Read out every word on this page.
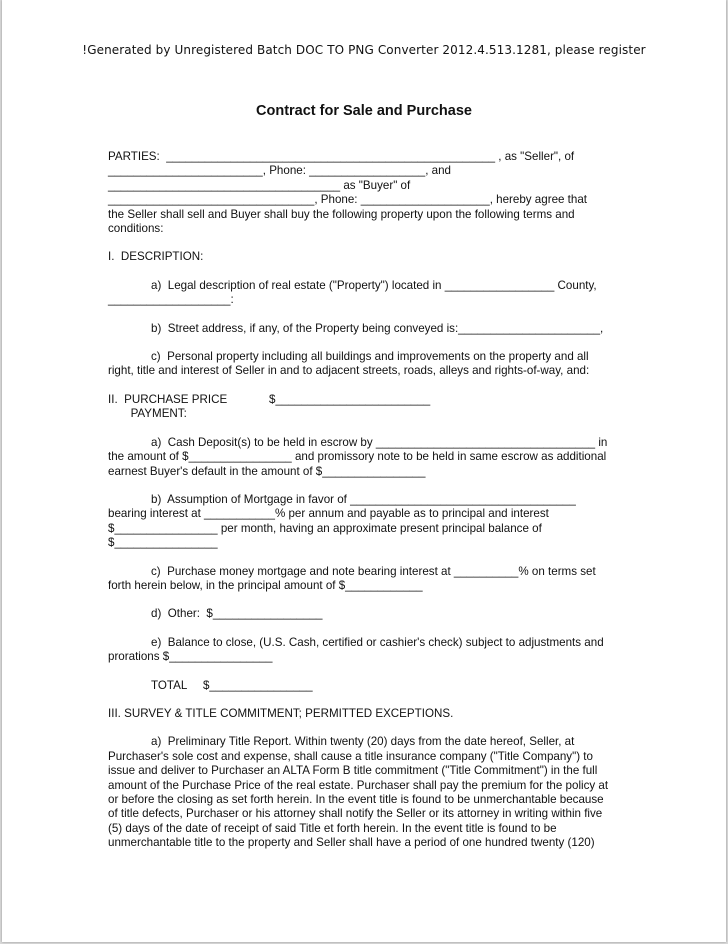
!Generated by Unregistered Batch DOC TO PNG Converter 2012.4.513.1281, please register
Contract for Sale and Purchase

PARTIES:  ___________________________________________________ , as "Seller", of

________________________, Phone: __________________, and

____________________________________ as "Buyer" of

________________________________, Phone: ____________________, hereby agree that

the Seller shall sell and Buyer shall buy the following property upon the following terms and

conditions:

I.  DESCRIPTION:

a)  Legal description of real estate ("Property") located in _________________ County,

___________________:

b)  Street address, if any, of the Property being conveyed is:______________________,

c)  Personal property including all buildings and improvements on the property and all

right, title and interest of Seller in and to adjacent streets, roads, alleys and rights-of-way, and:

II.  PURCHASE PRICE             $________________________

PAYMENT:

a)  Cash Deposit(s) to be held in escrow by __________________________________ in

the amount of $________________ and promissory note to be held in same escrow as additional

earnest Buyer's default in the amount of $________________

b)  Assumption of Mortgage in favor of ___________________________________

bearing interest at ___________% per annum and payable as to principal and interest

$________________ per month, having an approximate present principal balance of

$________________

c)  Purchase money mortgage and note bearing interest at __________% on terms set

forth herein below, in the principal amount of $____________

d)  Other:  $_________________

e)  Balance to close, (U.S. Cash, certified or cashier's check) subject to adjustments and

prorations $________________

TOTAL     $________________

III. SURVEY & TITLE COMMITMENT; PERMITTED EXCEPTIONS.

a)  Preliminary Title Report. Within twenty (20) days from the date hereof, Seller, at

Purchaser's sole cost and expense, shall cause a title insurance company ("Title Company") to

issue and deliver to Purchaser an ALTA Form B title commitment ("Title Commitment") in the full

amount of the Purchase Price of the real estate. Purchaser shall pay the premium for the policy at

or before the closing as set forth herein. In the event title is found to be unmerchantable because

of title defects, Purchaser or his attorney shall notify the Seller or its attorney in writing within five

(5) days of the date of receipt of said Title et forth herein. In the event title is found to be

unmerchantable title to the property and Seller shall have a period of one hundred twenty (120)
